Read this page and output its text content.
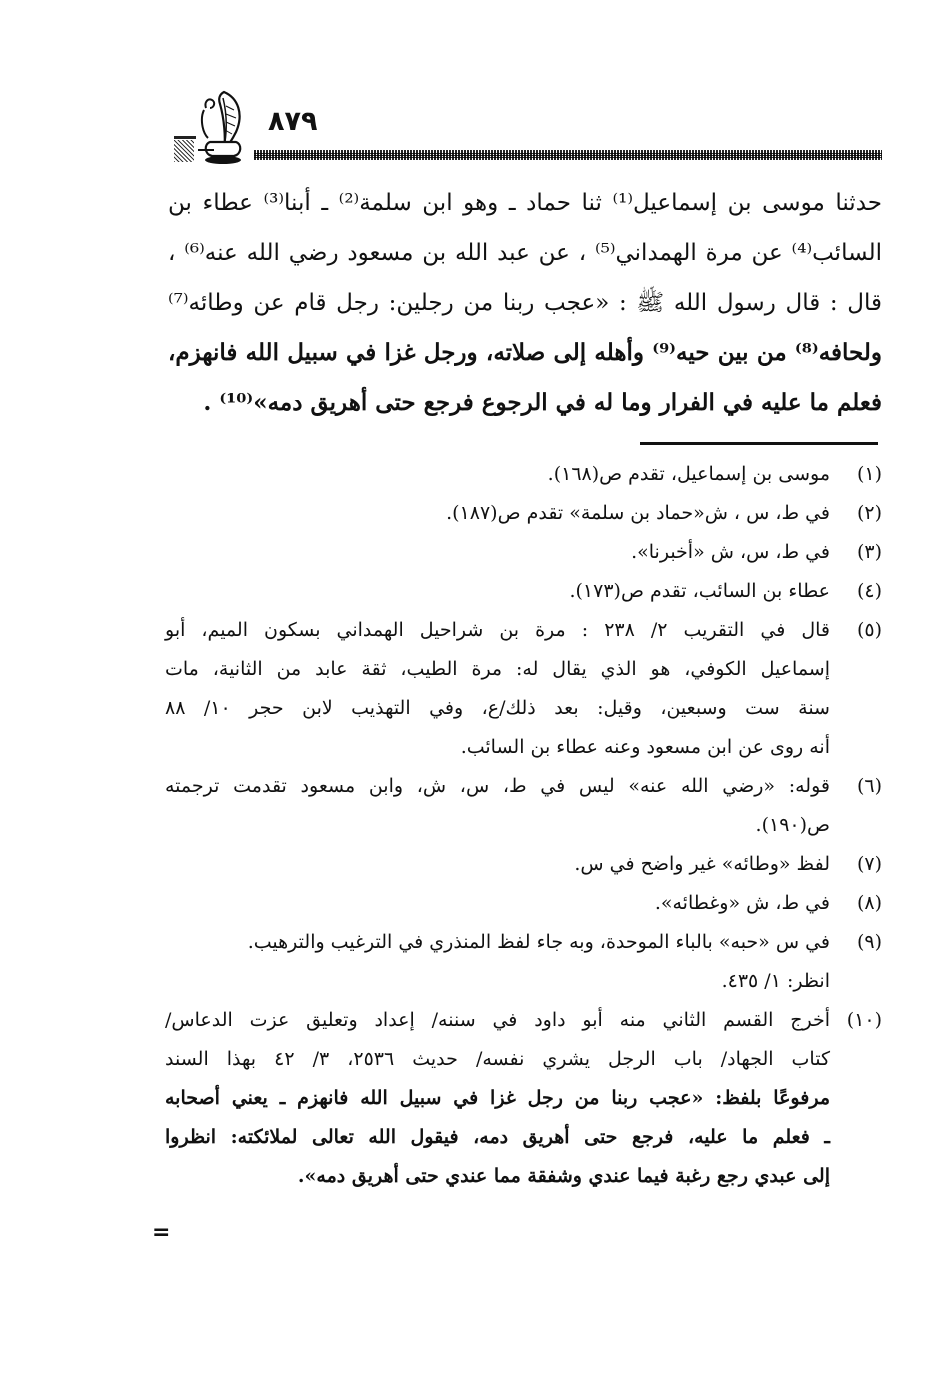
٨٧٩

حدثنا موسى بن إسماعيل⁽¹⁾ ثنا حماد ـ وهو ابن سلمة⁽²⁾ ـ أبنا⁽³⁾ عطاء بن

السائب⁽⁴⁾ عن مرة الهمداني⁽⁵⁾ ، عن عبد الله بن مسعود رضي الله عنه⁽⁶⁾ ،

قال : قال رسول الله ﷺ : «عجب ربنا من رجلين: رجل قام عن وطائه⁽⁷⁾

ولحافه⁽⁸⁾ من بين حيه⁽⁹⁾ وأهله إلى صلاته، ورجل غزا في سبيل الله فانهزم،

فعلم ما عليه في الفرار وما له في الرجوع فرجع حتى أهريق دمه»⁽¹⁰⁾ .

(١)
موسى بن إسماعيل، تقدم ص(١٦٨).
(٢)
في ط، س ، ش«حماد بن سلمة» تقدم ص(١٨٧).
(٣)
في ط، س، ش «أخبرنا».
(٤)
عطاء بن السائب، تقدم ص(١٧٣).
(٥)
قال في التقريب ٢/ ٢٣٨ : مرة بن شراحيل الهمداني بسكون الميم، أبو
إسماعيل الكوفي، هو الذي يقال له: مرة الطيب، ثقة عابد من الثانية، مات
سنة ست وسبعين، وقيل: بعد ذلك/ع، وفي التهذيب لابن حجر ١٠/ ٨٨
أنه روى عن ابن مسعود وعنه عطاء بن السائب.
(٦)
قوله: «رضي الله عنه» ليس في ط، س، ش، وابن مسعود تقدمت ترجمته
ص(١٩٠).
(٧)
لفظ «وطائه» غير واضح في س.
(٨)
في ط، ش «وغطائه».
(٩)
في س «حبه» بالباء الموحدة، وبه جاء لفظ المنذري في الترغيب والترهيب.
انظر: ١/ ٤٣٥.
(١٠)
أخرج القسم الثاني منه أبو داود في سننه/ إعداد وتعليق عزت الدعاس/
كتاب الجهاد/ باب الرجل يشري نفسه/ حديث ٢٥٣٦، ٣/ ٤٢ بهذا السند
مرفوعًا بلفظ: «عجب ربنا من رجل غزا في سبيل الله فانهزم ـ يعني أصحابه
ـ فعلم ما عليه، فرجع حتى أهريق دمه، فيقول الله تعالى لملائكته: انظروا
إلى عبدي رجع رغبة فيما عندي وشفقة مما عندي حتى أهريق دمه».
=
